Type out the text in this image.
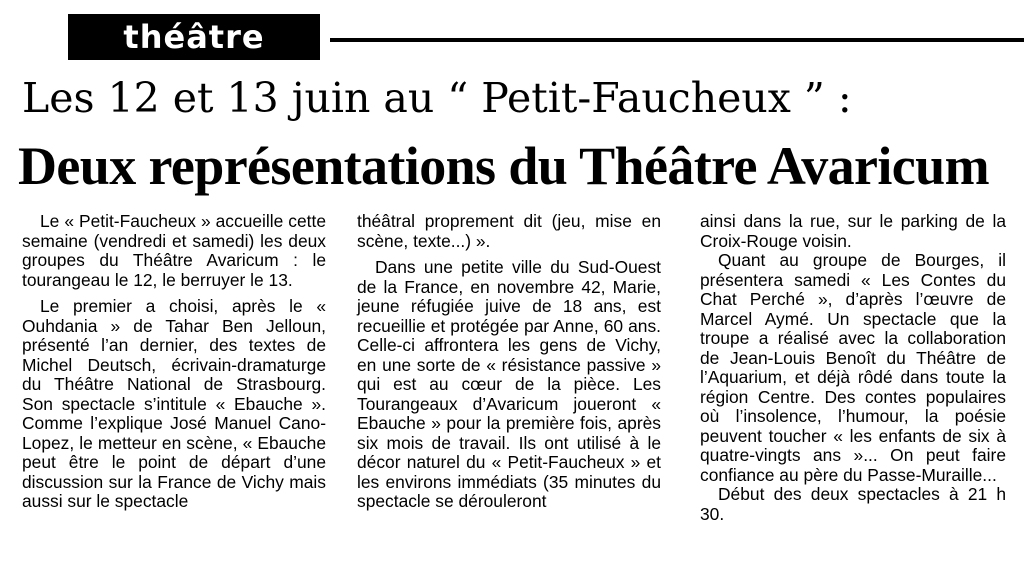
théâtre
Les 12 et 13 juin au “ Petit-Faucheux ” :
Deux représentations du Théâtre Avaricum

Le « Petit-Faucheux » accueille cette semaine (vendredi et samedi) les deux groupes du Théâtre Avaricum : le tourangeau le 12, le berruyer le 13.

Le premier a choisi, après le « Ouhdania » de Tahar Ben Jelloun, présenté l’an dernier, des textes de Michel Deutsch, écrivain-dramaturge du Théâtre National de Strasbourg. Son spectacle s’intitule « Ebauche ». Comme l’explique José Manuel Cano-Lopez, le metteur en scène, « Ebauche peut être le point de départ d’une discussion sur la France de Vichy mais aussi sur le spectacle

théâtral proprement dit (jeu, mise en scène, texte...) ».

Dans une petite ville du Sud-Ouest de la France, en novembre 42, Marie, jeune réfugiée juive de 18 ans, est recueillie et protégée par Anne, 60 ans. Celle-ci affrontera les gens de Vichy, en une sorte de « résistance passive » qui est au cœur de la pièce. Les Tourangeaux d’Avaricum joueront « Ebauche » pour la première fois, après six mois de travail. Ils ont utilisé à le décor naturel du « Petit-Faucheux » et les environs immédiats (35 minutes du spectacle se dérouleront

ainsi dans la rue, sur le parking de la Croix-Rouge voisin.

Quant au groupe de Bourges, il présentera samedi « Les Contes du Chat Perché », d’après l’œuvre de Marcel Aymé. Un spectacle que la troupe a réalisé avec la collaboration de Jean-Louis Benoît du Théâtre de l’Aquarium, et déjà rôdé dans toute la région Centre. Des contes populaires où l’insolence, l’humour, la poésie peuvent toucher « les enfants de six à quatre-vingts ans »... On peut faire confiance au père du Passe-Muraille...

Début des deux spectacles à 21 h 30.
